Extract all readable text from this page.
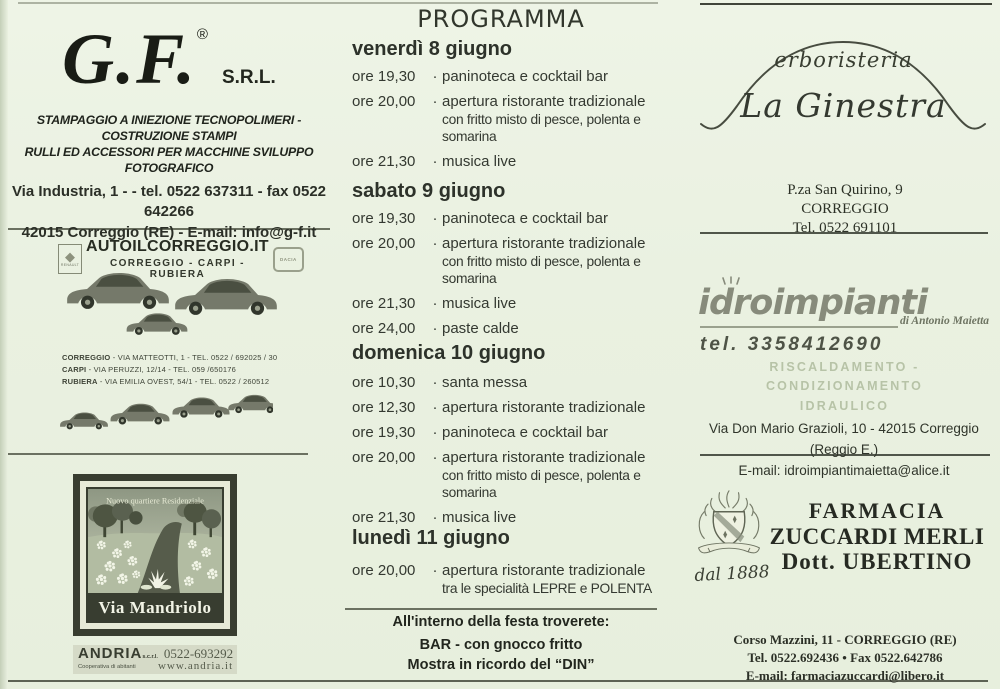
G.F.®S.R.L.
STAMPAGGIO A INIEZIONE TECNOPOLIMERI - COSTRUZIONE STAMPI
RULLI ED ACCESSORI PER MACCHINE SVILUPPO FOTOGRAFICO
Via Industria, 1 - - tel. 0522 637311 - fax 0522 642266
42015 Correggio (RE) - E-mail: info@g-f.it
◆
RENAULT
AUTOILCORREGGIO.IT
CORREGGIO - CARPI - RUBIERA
DACIA
CORREGGIO - VIA MATTEOTTI, 1 - TEL. 0522 / 692025 / 30
CARPI - VIA PERUZZI, 12/14 - TEL. 059 /650176
RUBIERA - VIA EMILIA OVEST, 54/1 - TEL. 0522 / 260512
Nuovo quartiere Residenziale
Via Mandriolo
ANDRIAs.c.r.l.
Cooperativa di abitanti
0522-693292
www.andria.it
PROGRAMMA
venerdì 8 giugno
ore 19,30	· paninoteca e cocktail bar
ore 20,00	· apertura ristorante tradizionale
con fritto misto di pesce, polenta e somarina
ore 21,30	· musica live
sabato 9 giugno
ore 19,30	· paninoteca e cocktail bar
ore 20,00	· apertura ristorante tradizionale
con fritto misto di pesce, polenta e somarina
ore 21,30	· musica live
ore 24,00	· paste calde
domenica 10 giugno
ore 10,30	· santa messa
ore 12,30	· apertura ristorante tradizionale
ore 19,30	· paninoteca e cocktail bar
ore 20,00	· apertura ristorante tradizionale
con fritto misto di pesce, polenta e somarina
ore 21,30	· musica live
lunedì 11 giugno
ore 20,00	· apertura ristorante tradizionale
tra le specialità LEPRE e POLENTA
All'interno della festa troverete:
BAR - con gnocco fritto
Mostra in ricordo del “DIN”
erboristeria
La Ginestra
P.za San Quirino, 9
CORREGGIO
Tel. 0522 691101
idroimpianti
di Antonio Maietta
tel. 3358412690
RISCALDAMENTO - CONDIZIONAMENTO
IDRAULICO
Via Don Mario Grazioli, 10 - 42015 Correggio (Reggio E.)
E-mail: idroimpiantimaietta@alice.it
dal 1888
FARMACIA
ZUCCARDI MERLI
Dott. UBERTINO
Corso Mazzini, 11 - CORREGGIO (RE)
Tel. 0522.692436 • Fax 0522.642786
E-mail: farmaciazuccardi@libero.it
